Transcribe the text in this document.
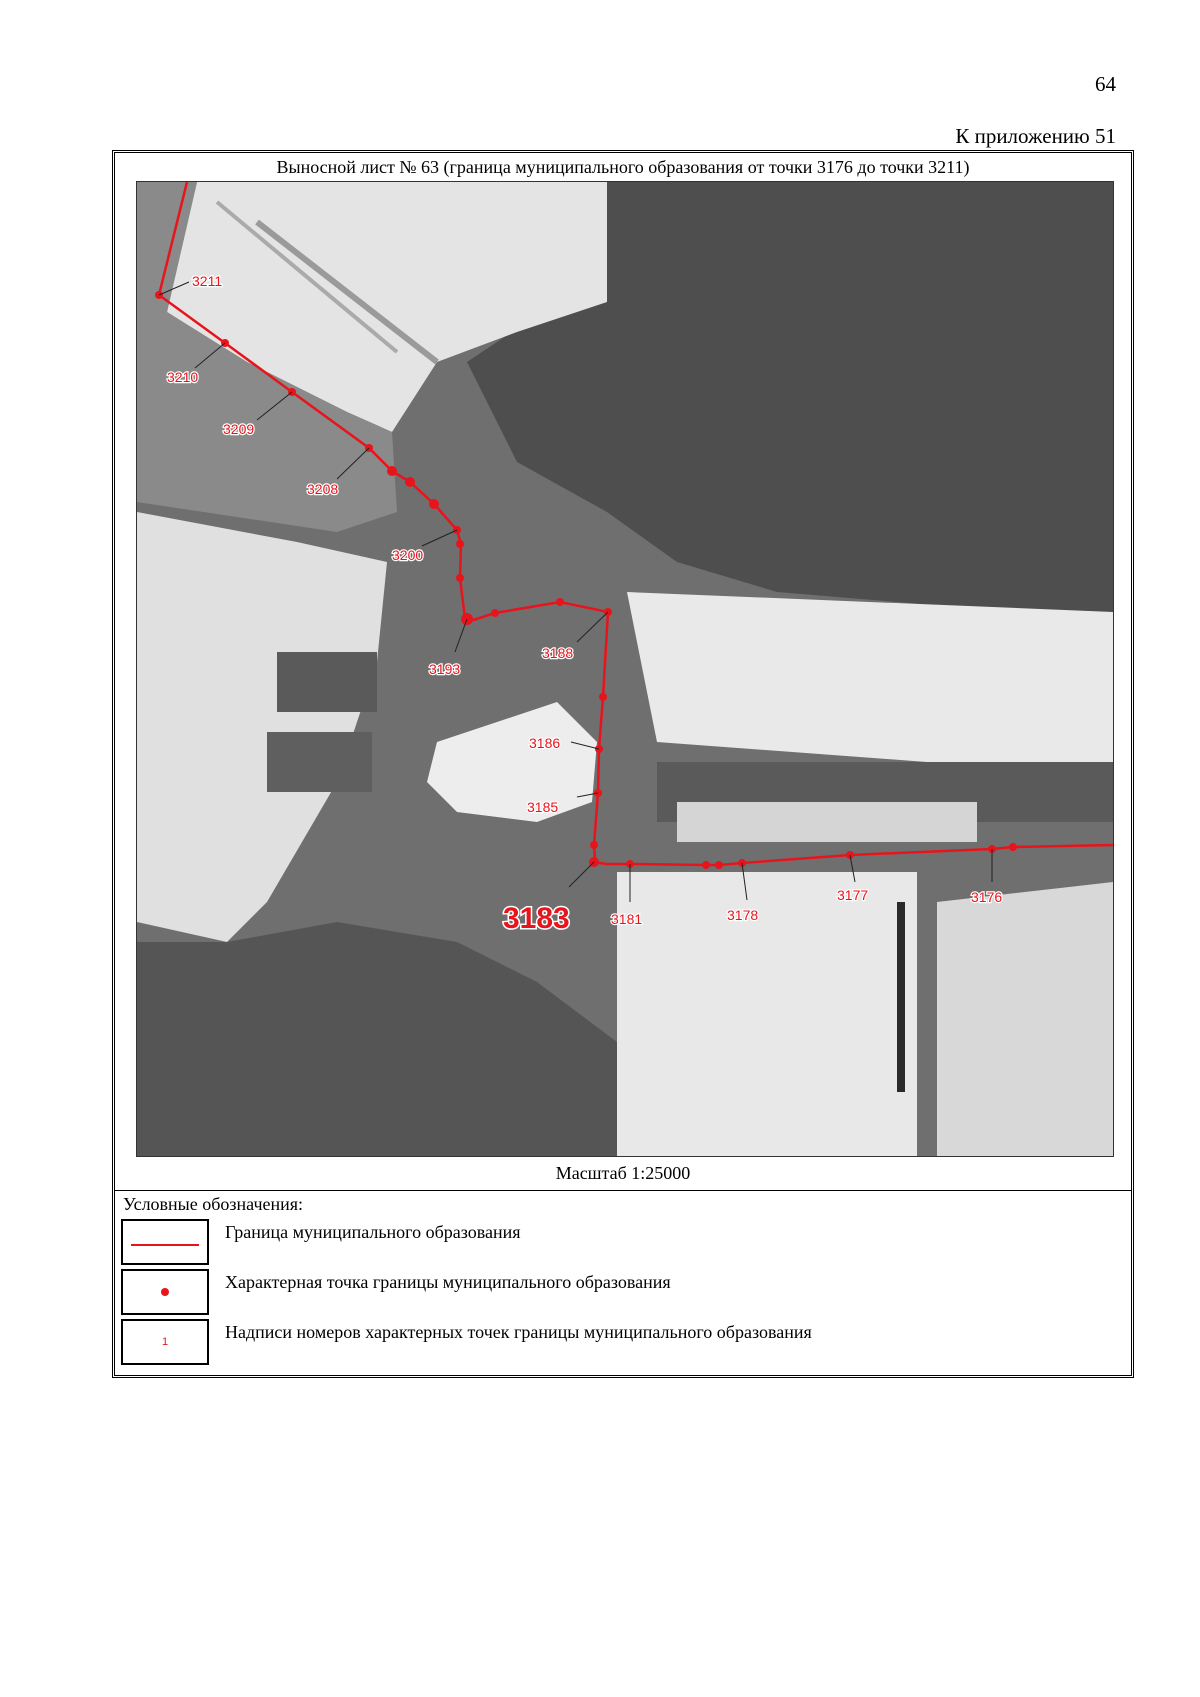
64
К приложению 51
Выносной лист № 63 (граница муниципального образования от точки 3176 до точки 3211)
3211
3210
3209
3208
3200
3193
3188
3186
3185
3183	3181	3178
3177	3176
Масштаб 1:25000
Условные обозначения:
Граница муниципального образования
Характерная точка границы муниципального образования
1	Надписи номеров характерных точек границы муниципального образования
